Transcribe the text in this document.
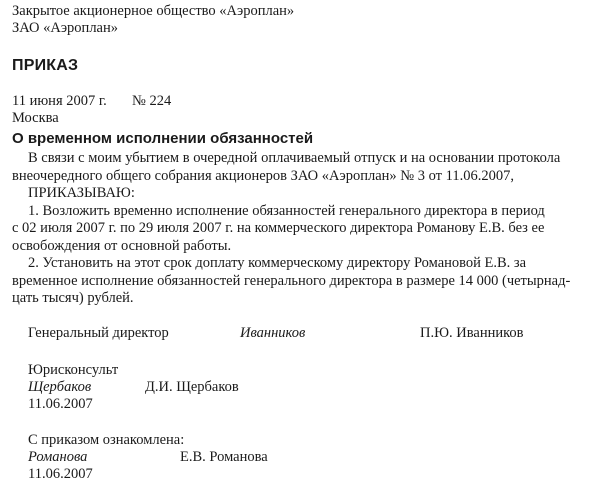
Закрытое акционерное общество «Аэроплан»
ЗАО «Аэроплан»
ПРИКАЗ
11 июня 2007 г. № 224
Москва
О временном исполнении обязанностей
В связи с моим убытием в очередной оплачиваемый отпуск и на основании протокола
внеочередного общего собрания акционеров ЗАО «Аэроплан» № 3 от 11.06.2007,
ПРИКАЗЫВАЮ:
1. Возложить временно исполнение обязанностей генерального директора в период
с 02 июля 2007 г. по 29 июля 2007 г. на коммерческого директора Романову Е.В. без ее
освобождения от основной работы.
2. Установить на этот срок доплату коммерческому директору Романовой Е.В. за
временное исполнение обязанностей генерального директора в размере 14 000 (четырнад-
цать тысяч) рублей.
Генеральный директор	Иванников	П.Ю. Иванников
Юрисконсульт
Щербаков	Д.И. Щербаков
11.06.2007
С приказом ознакомлена:
Романова	Е.В. Романова
11.06.2007
